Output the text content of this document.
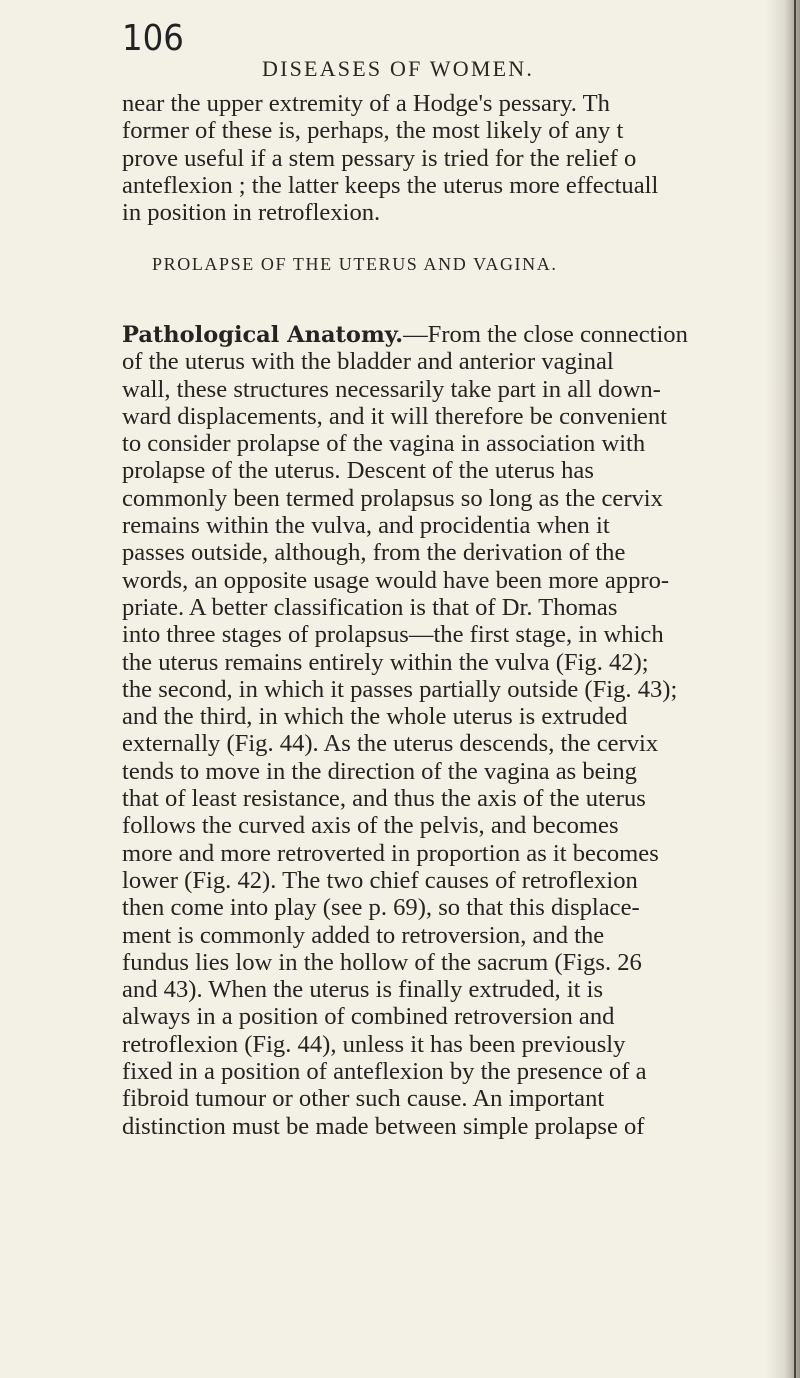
106
DISEASES OF WOMEN.
near the upper extremity of a Hodge's pessary. Th
former of these is, perhaps, the most likely of any t
prove useful if a stem pessary is tried for the relief o
anteflexion ; the latter keeps the uterus more effectuall
in position in retroflexion.
PROLAPSE OF THE UTERUS AND VAGINA.
Pathological Anatomy.—From the close connection
of the uterus with the bladder and anterior vaginal
wall, these structures necessarily take part in all down-
ward displacements, and it will therefore be convenient
to consider prolapse of the vagina in association with
prolapse of the uterus. Descent of the uterus has
commonly been termed prolapsus so long as the cervix
remains within the vulva, and procidentia when it
passes outside, although, from the derivation of the
words, an opposite usage would have been more appro-
priate. A better classification is that of Dr. Thomas
into three stages of prolapsus—the first stage, in which
the uterus remains entirely within the vulva (Fig. 42);
the second, in which it passes partially outside (Fig. 43);
and the third, in which the whole uterus is extruded
externally (Fig. 44). As the uterus descends, the cervix
tends to move in the direction of the vagina as being
that of least resistance, and thus the axis of the uterus
follows the curved axis of the pelvis, and becomes
more and more retroverted in proportion as it becomes
lower (Fig. 42). The two chief causes of retroflexion
then come into play (see p. 69), so that this displace-
ment is commonly added to retroversion, and the
fundus lies low in the hollow of the sacrum (Figs. 26
and 43). When the uterus is finally extruded, it is
always in a position of combined retroversion and
retroflexion (Fig. 44), unless it has been previously
fixed in a position of anteflexion by the presence of a
fibroid tumour or other such cause. An important
distinction must be made between simple prolapse of
